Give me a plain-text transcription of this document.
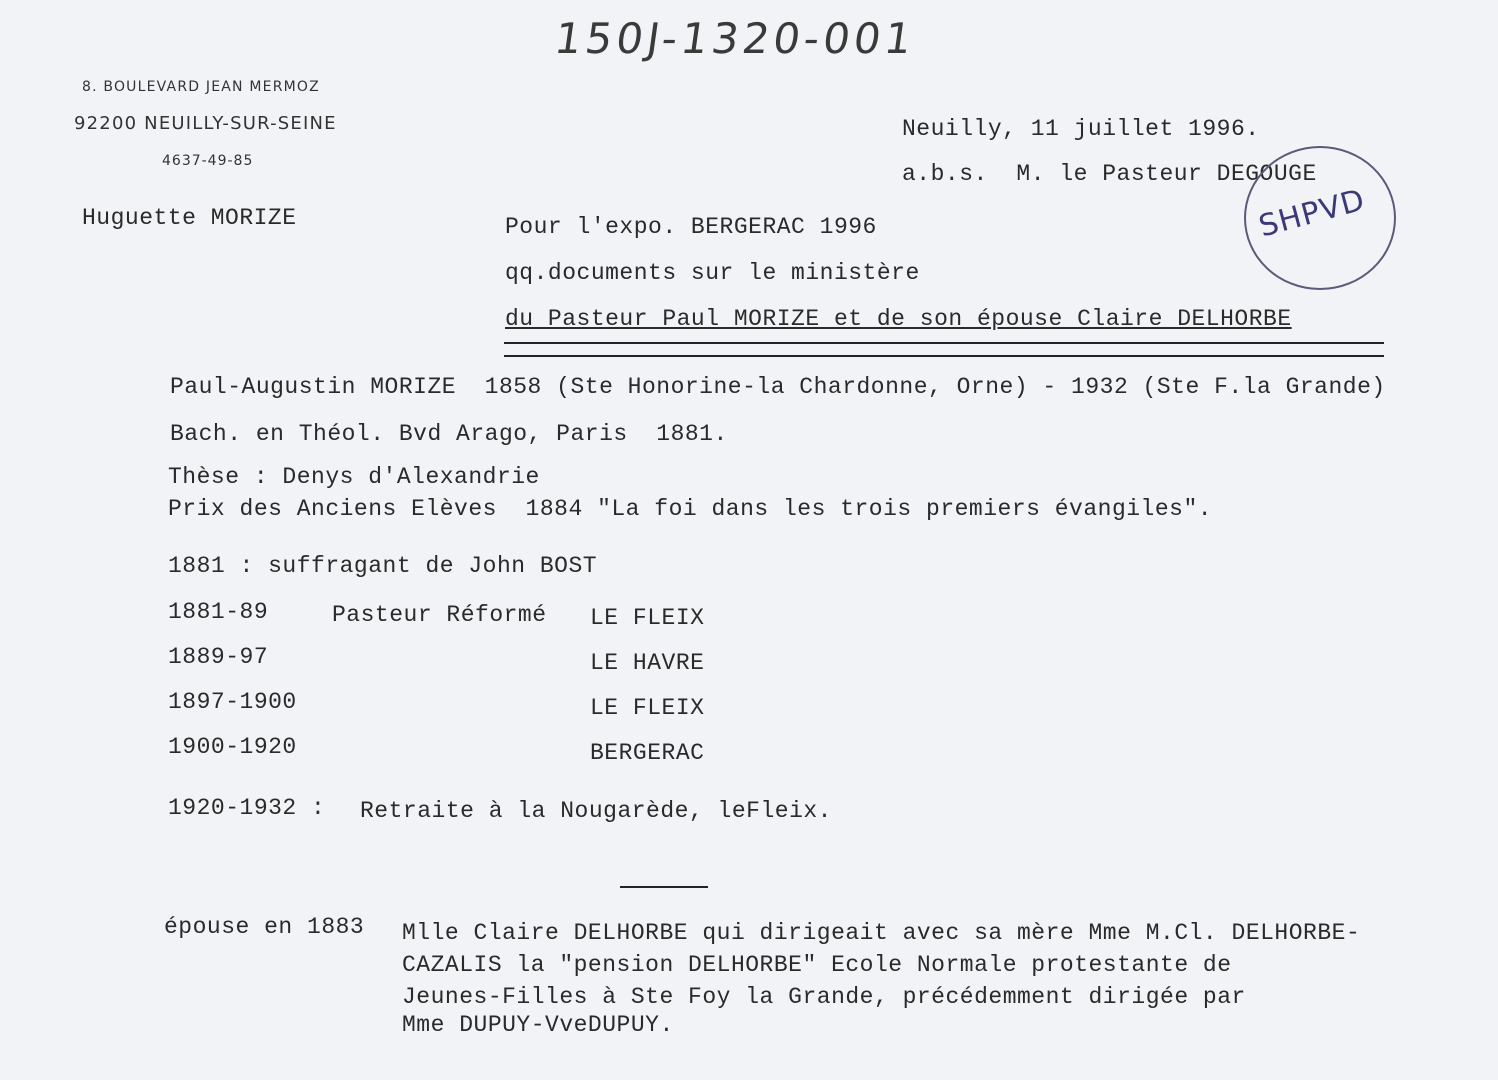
150J-1320-001
8. BOULEVARD JEAN MERMOZ
92200 NEUILLY-SUR-SEINE
4637-49-85
Huguette MORIZE
Neuilly, 11 juillet 1996.
a.b.s.  M. le Pasteur DEGOUGE
SHPVD
Pour l'expo. BERGERAC 1996
qq.documents sur le ministère
du Pasteur Paul MORIZE et de son épouse Claire DELHORBE
Paul-Augustin MORIZE  1858 (Ste Honorine-la Chardonne, Orne) - 1932 (Ste F.la Grande)
Bach. en Théol. Bvd Arago, Paris  1881.
Thèse : Denys d'Alexandrie
Prix des Anciens Elèves  1884 "La foi dans les trois premiers évangiles".
1881 : suffragant de John BOST
1881-89	Pasteur Réformé LE FLEIX
1889-97	LE HAVRE
1897-1900	LE FLEIX
1900-1920	BERGERAC
1920-1932 : Retraite à la Nougarède, leFleix.
épouse en 1883 Mlle Claire DELHORBE qui dirigeait avec sa mère Mme M.Cl. DELHORBE-
CAZALIS la "pension DELHORBE" Ecole Normale protestante de
Jeunes-Filles à Ste Foy la Grande, précédemment dirigée par
Mme DUPUY-VveDUPUY.
